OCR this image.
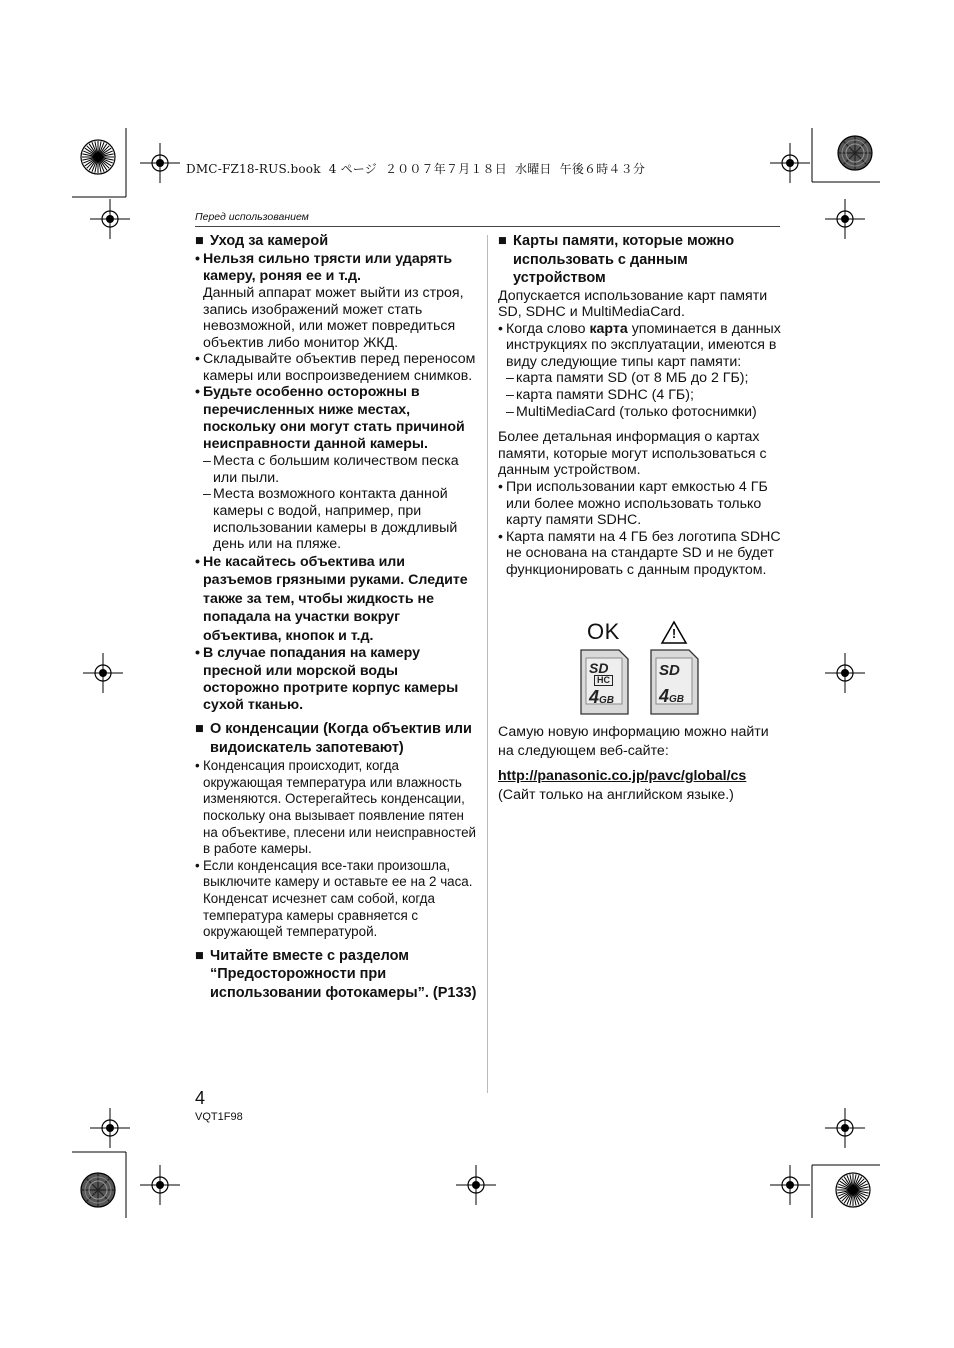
DMC-FZ18-RUS.book  4 ページ  ２００７年７月１８日  水曜日  午後６時４３分
Перед использованием
■ Уход за камерой
• Нельзя сильно трясти или ударять камеру, роняя ее и т.д.

Данный аппарат может выйти из строя, запись изображений может стать невозможной, или может повредиться объектив либо монитор ЖКД.

• Складывайте объектив перед переносом камеры или воспроизведением снимков.
• Будьте особенно осторожны в перечисленных ниже местах, поскольку они могут стать причиной неисправности данной камеры.
– Места с большим количеством песка или пыли.
– Места возможного контакта данной камеры с водой, например, при использовании камеры в дождливый день или на пляже.
• Не касайтесь объектива или разъемов грязными руками. Следите также за тем, чтобы жидкость не попадала на участки вокруг объектива, кнопок и т.д.
• В случае попадания на камеру пресной или морской воды осторожно протрите корпус камеры сухой тканью.
■ О конденсации (Когда объектив или видоискатель запотевают)
• Конденсация происходит, когда окружающая температура или влажность изменяются. Остерегайтесь конденсации, поскольку она вызывает появление пятен на объективе, плесени или неисправностей в работе камеры.
• Если конденсация все-таки произошла, выключите камеру и оставьте ее на 2 часа. Конденсат исчезнет сам собой, когда температура камеры сравняется с окружающей температурой.
■ Читайте вместе с разделом “Предосторожности при использовании фотокамеры”. (P133)
■ Карты памяти, которые можно использовать с данным устройством

Допускается использование карт памяти SD, SDHC и MultiMediaCard.

• Когда слово карта упоминается в данных инструкциях по эксплуатации, имеются в виду следующие типы карт памяти:
– карта памяти SD (от 8 МБ до 2 ГБ);
– карта памяти SDHC (4 ГБ);
– MultiMediaCard (только фотоснимки)

Более детальная информация о картах памяти, которые могут использоваться с данным устройством.

• При использовании карт емкостью 4 ГБ или более можно использовать только карту памяти SDHC.
• Карта памяти на 4 ГБ без логотипа SDHC не основана на стандарте SD и не будет функционировать с данным продуктом.
OK	!
SD
HC
4GB
SD
4GB

Самую новую информацию можно найти на следующем веб-сайте:

http://panasonic.co.jp/pavc/global/cs

(Сайт только на английском языке.)

4
VQT1F98
